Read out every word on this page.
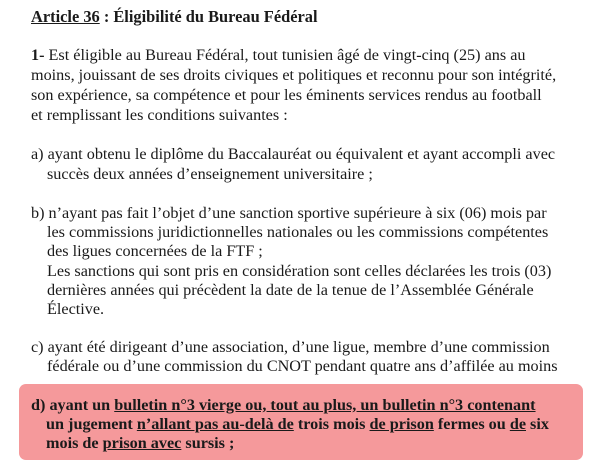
Article 36 : Éligibilité du Bureau Fédéral
1- Est éligible au Bureau Fédéral, tout tunisien âgé de vingt-cinq (25) ans au
moins, jouissant de ses droits civiques et politiques et reconnu pour son intégrité,
son expérience, sa compétence et pour les éminents services rendus au football
et remplissant les conditions suivantes :
a) ayant obtenu le diplôme du Baccalauréat ou équivalent et ayant accompli avec
succès deux années d’enseignement universitaire ;
b) n’ayant pas fait l’objet d’une sanction sportive supérieure à six (06) mois par
les commissions juridictionnelles nationales ou les commissions compétentes
des ligues concernées de la FTF ;
Les sanctions qui sont pris en considération sont celles déclarées les trois (03)
dernières années qui précèdent la date de la tenue de l’Assemblée Générale
Élective.
c) ayant été dirigeant d’une association, d’une ligue, membre d’une commission
fédérale ou d’une commission du CNOT pendant quatre ans d’affilée au moins
d) ayant un bulletin n°3 vierge ou, tout au plus, un bulletin n°3 contenant
un jugement n’allant pas au-delà de trois mois de prison fermes ou de six
mois de prison avec sursis ;
